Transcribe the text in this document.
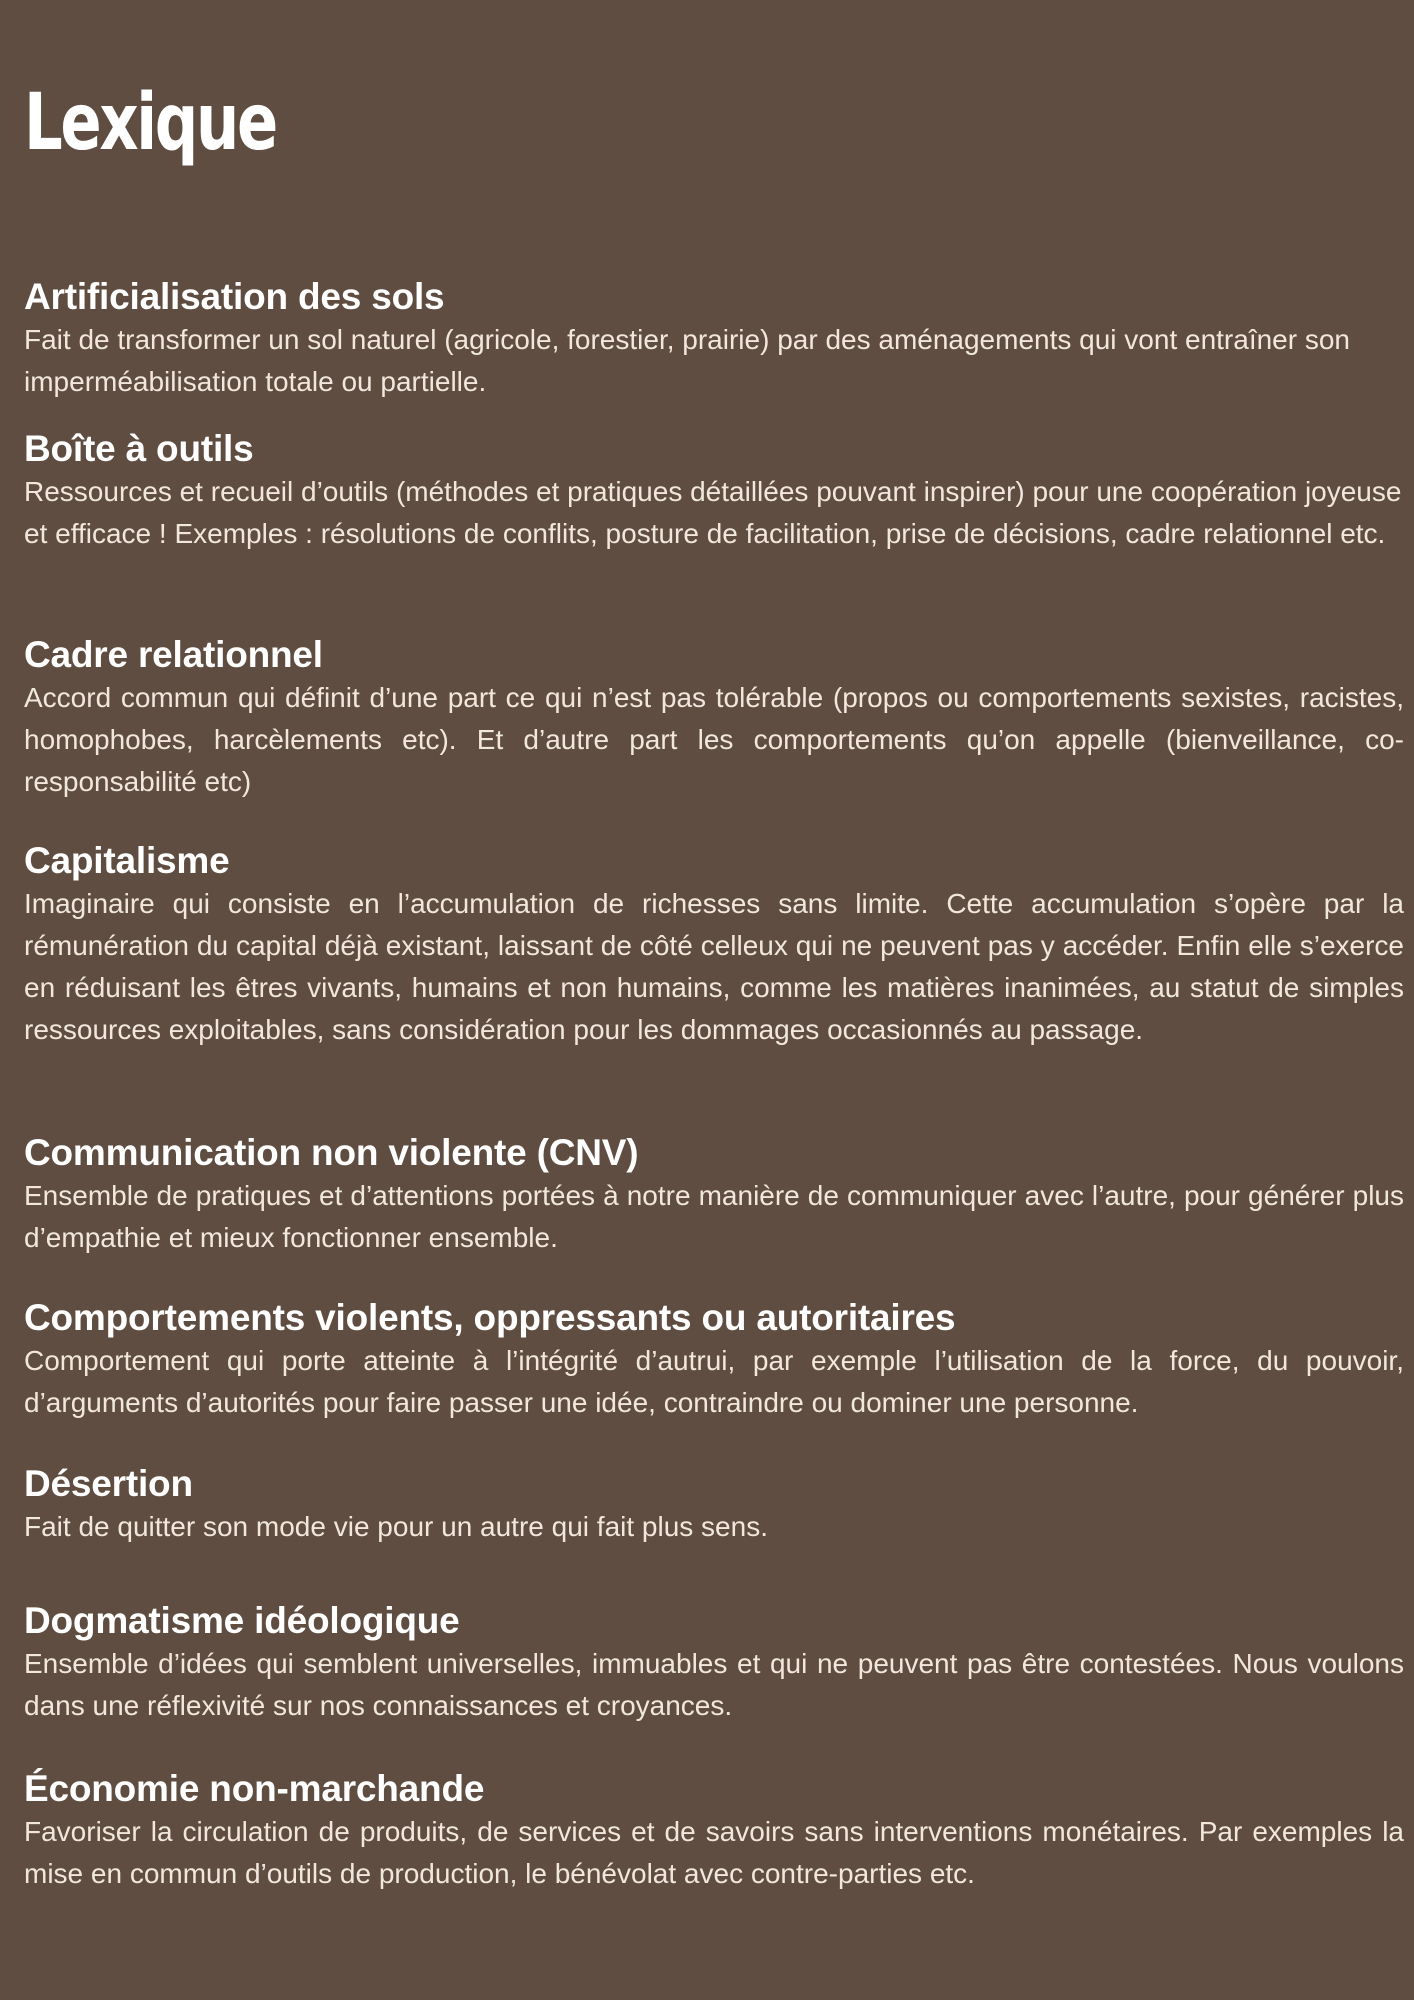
Lexique
Artificialisation des sols

Fait de transformer un sol naturel (agricole, forestier, prairie) par des aménagements qui vont entraîner son imperméabilisation totale ou partielle.

Boîte à outils

Ressources et recueil d’outils (méthodes et pratiques détaillées pouvant inspirer) pour une coopération joyeuse et efficace ! Exemples : résolutions de conflits, posture de facilitation, prise de décisions, cadre relationnel etc.

Cadre relationnel

Accord commun qui définit d’une part ce qui n’est pas tolérable (propos ou comportements sexistes, racistes, homophobes, harcèlements etc). Et d’autre part les comportements qu’on appelle (bienveillance, co-responsabilité etc)

Capitalisme

Imaginaire qui consiste en l’accumulation de richesses sans limite. Cette accumulation s’opère par la rémunération du capital déjà existant, laissant de côté celleux qui ne peuvent pas y accéder. Enfin elle s’exerce en réduisant les êtres vivants, humains et non humains, comme les matières inanimées, au statut de simples ressources exploitables, sans considération pour les dommages occasionnés au passage.

Communication non violente (CNV)

Ensemble de pratiques et d’attentions portées à notre manière de communiquer avec l’autre, pour générer plus d’empathie et mieux fonctionner ensemble.

Comportements violents, oppressants ou autoritaires

Comportement qui porte atteinte à l’intégrité d’autrui, par exemple l’utilisation de la force, du pouvoir, d’arguments d’autorités pour faire passer une idée, contraindre ou dominer une personne.

Désertion

Fait de quitter son mode vie pour un autre qui fait plus sens.

Dogmatisme idéologique

Ensemble d’idées qui semblent universelles, immuables et qui ne peuvent pas être contestées. Nous voulons dans une réflexivité sur nos connaissances et croyances.

Économie non-marchande

Favoriser la circulation de produits, de services et de savoirs sans interventions monétaires. Par exemples la mise en commun d’outils de production, le bénévolat avec contre-parties etc.
